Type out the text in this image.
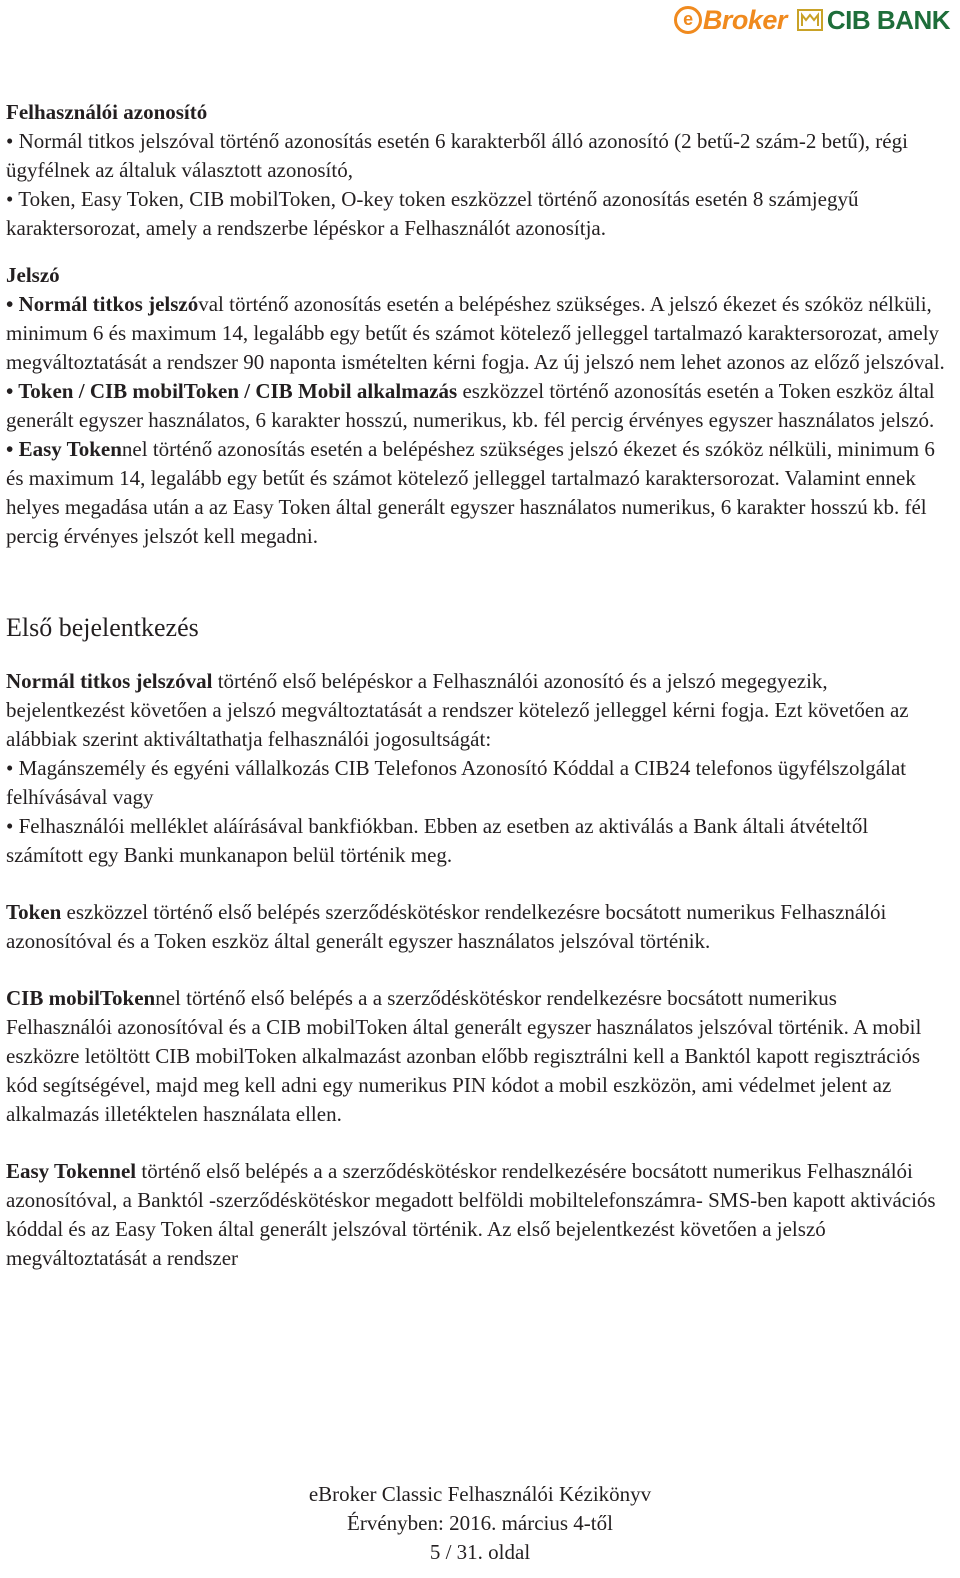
e Broker CIB BANK

Felhasználói azonosító

• Normál titkos jelszóval történő azonosítás esetén 6 karakterből álló azonosító (2 betű-2 szám-2 betű), régi ügyfélnek az általuk választott azonosító,

• Token, Easy Token, CIB mobilToken, O-key token eszközzel történő azonosítás esetén 8 számjegyű karaktersorozat, amely a rendszerbe lépéskor a Felhasználót azonosítja.

Jelszó

• Normál titkos jelszóval történő azonosítás esetén a belépéshez szükséges. A jelszó ékezet és szóköz nélküli, minimum 6 és maximum 14, legalább egy betűt és számot kötelező jelleggel tartalmazó karaktersorozat, amely megváltoztatását a rendszer 90 naponta ismételten kérni fogja. Az új jelszó nem lehet azonos az előző jelszóval.

• Token / CIB mobilToken / CIB Mobil alkalmazás eszközzel történő azonosítás esetén a Token eszköz által generált egyszer használatos, 6 karakter hosszú, numerikus, kb. fél percig érvényes egyszer használatos jelszó.

• Easy Tokennel történő azonosítás esetén a belépéshez szükséges jelszó ékezet és szóköz nélküli, minimum 6 és maximum 14, legalább egy betűt és számot kötelező jelleggel tartalmazó karaktersorozat. Valamint ennek helyes megadása után a az Easy Token által generált egyszer használatos numerikus, 6 karakter hosszú kb. fél percig érvényes jelszót kell megadni.

Első bejelentkezés

Normál titkos jelszóval történő első belépéskor a Felhasználói azonosító és a jelszó megegyezik, bejelentkezést követően a jelszó megváltoztatását a rendszer kötelező jelleggel kérni fogja. Ezt követően az alábbiak szerint aktiváltathatja felhasználói jogosultságát:

• Magánszemély és egyéni vállalkozás CIB Telefonos Azonosító Kóddal a CIB24 telefonos ügyfélszolgálat felhívásával vagy

• Felhasználói melléklet aláírásával bankfiókban. Ebben az esetben az aktiválás a Bank általi átvételtől számított egy Banki munkanapon belül történik meg.

Token eszközzel történő első belépés szerződéskötéskor rendelkezésre bocsátott numerikus Felhasználói azonosítóval és a Token eszköz által generált egyszer használatos jelszóval történik.

CIB mobilTokennel történő első belépés a a szerződéskötéskor rendelkezésre bocsátott numerikus Felhasználói azonosítóval és a CIB mobilToken által generált egyszer használatos jelszóval történik. A mobil eszközre letöltött CIB mobilToken alkalmazást azonban előbb regisztrálni kell a Banktól kapott regisztrációs kód segítségével, majd meg kell adni egy numerikus PIN kódot a mobil eszközön, ami védelmet jelent az alkalmazás illetéktelen használata ellen.

Easy Tokennel történő első belépés a a szerződéskötéskor rendelkezésére bocsátott numerikus Felhasználói azonosítóval, a Banktól -szerződéskötéskor megadott belföldi mobiltelefonszámra- SMS-ben kapott aktivációs kóddal és az Easy Token által generált jelszóval történik. Az első bejelentkezést követően a jelszó megváltoztatását a rendszer

eBroker Classic Felhasználói Kézikönyv
Érvényben: 2016. március 4-től
5 / 31. oldal
